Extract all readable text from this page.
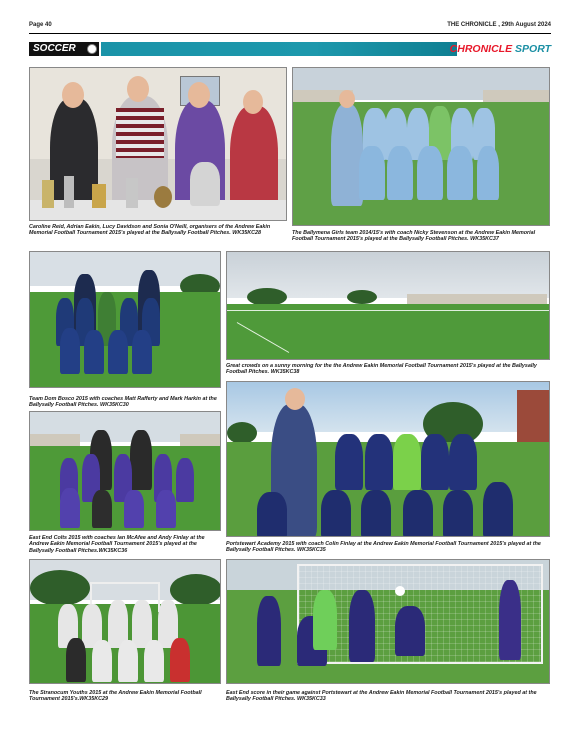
Page 40	THE CHRONICLE , 29th August 2024
SOCCER	CHRONICLE SPORT
Caroline Reid, Adrian Eakin, Lucy Davidson and Sonia O'Neill, organisers of the Andrew Eakin Memorial Football Tournament 2015's played at the Ballysally Football Pitches. WK35KC28	The Ballymena Girls team 2014/15's with coach Nicky Stevenson at the Andrew Eakin Memorial Football Tournament 2015's played at the Ballysally Football Pitches. WK35KC37
Team Dom Bosco 2015 with coaches Matt Rafferty and Mark Harkin at the Ballysally Football Pitches. WK35KC30
Great crowds on a sunny morning for the the Andrew Eakin Memorial Football Tournament 2015's played at the Ballysally Football Pitches. WK35KC38
East End Colts 2015 with coaches Ian McAfee and Andy Finlay at the Andrew Eakin Memorial Football Tournament 2015's played at the Ballysally Football Pitches.WK35KC36
Portstewart Academy 2015 with coach Colin Finlay at the Andrew Eakin Memorial Football Tournament 2015's played at the Ballysally Football Pitches. WK35KC35
The Stranocum Youths 2015 at the Andrew Eakin Memorial Football Tournament 2015's.WK35KC29
East End score in their game against Portstewart at the Andrew Eakin Memorial Football Tournament 2015's played at the Ballysally Football Pitches. WK35KC33
